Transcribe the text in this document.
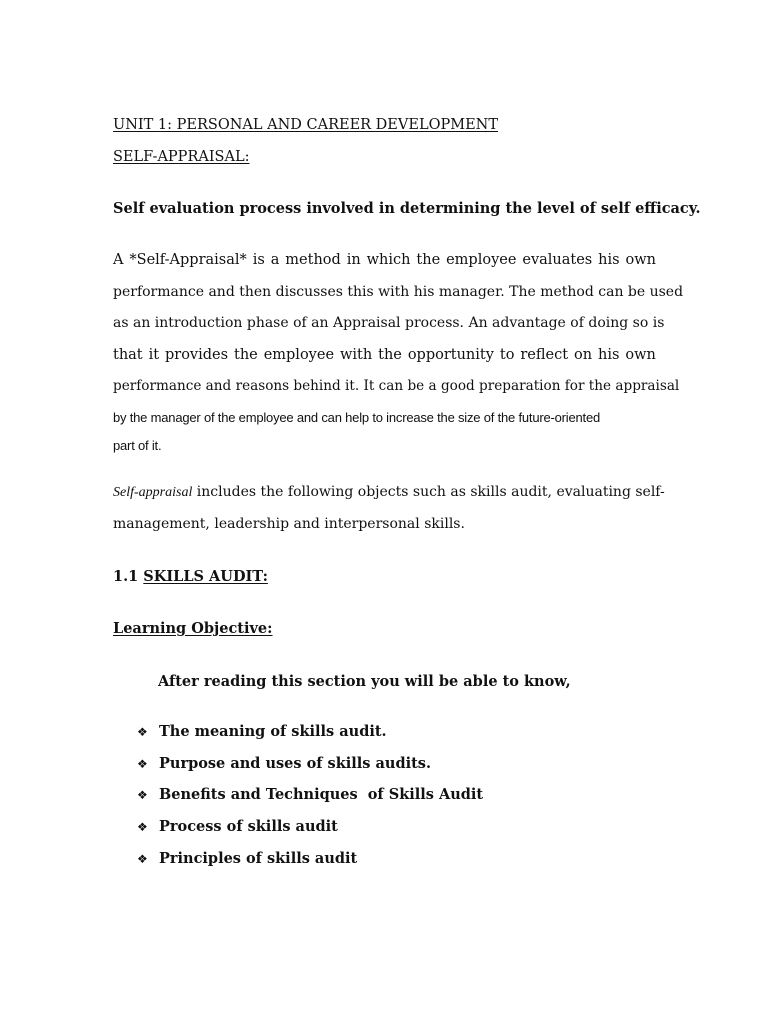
UNIT 1: PERSONAL AND CAREER DEVELOPMENT
SELF-APPRAISAL:
Self evaluation process involved in determining the level of self efficacy.
A *Self-Appraisal* is a method in which the employee evaluates his own
performance and then discusses this with his manager. The method can be used
as an introduction phase of an Appraisal process. An advantage of doing so is
that it provides the employee with the opportunity to reflect on his own
performance and reasons behind it. It can be a good preparation for the appraisal
by the manager of the employee and can help to increase the size of the future-oriented
part of it.
Self-appraisal includes the following objects such as skills audit, evaluating self-
management, leadership and interpersonal skills.
1.1 SKILLS AUDIT:
Learning Objective:
After reading this section you will be able to know,
❖ The meaning of skills audit.
❖ Purpose and uses of skills audits.
❖ Benefits and Techniques  of Skills Audit
❖ Process of skills audit
❖ Principles of skills audit
